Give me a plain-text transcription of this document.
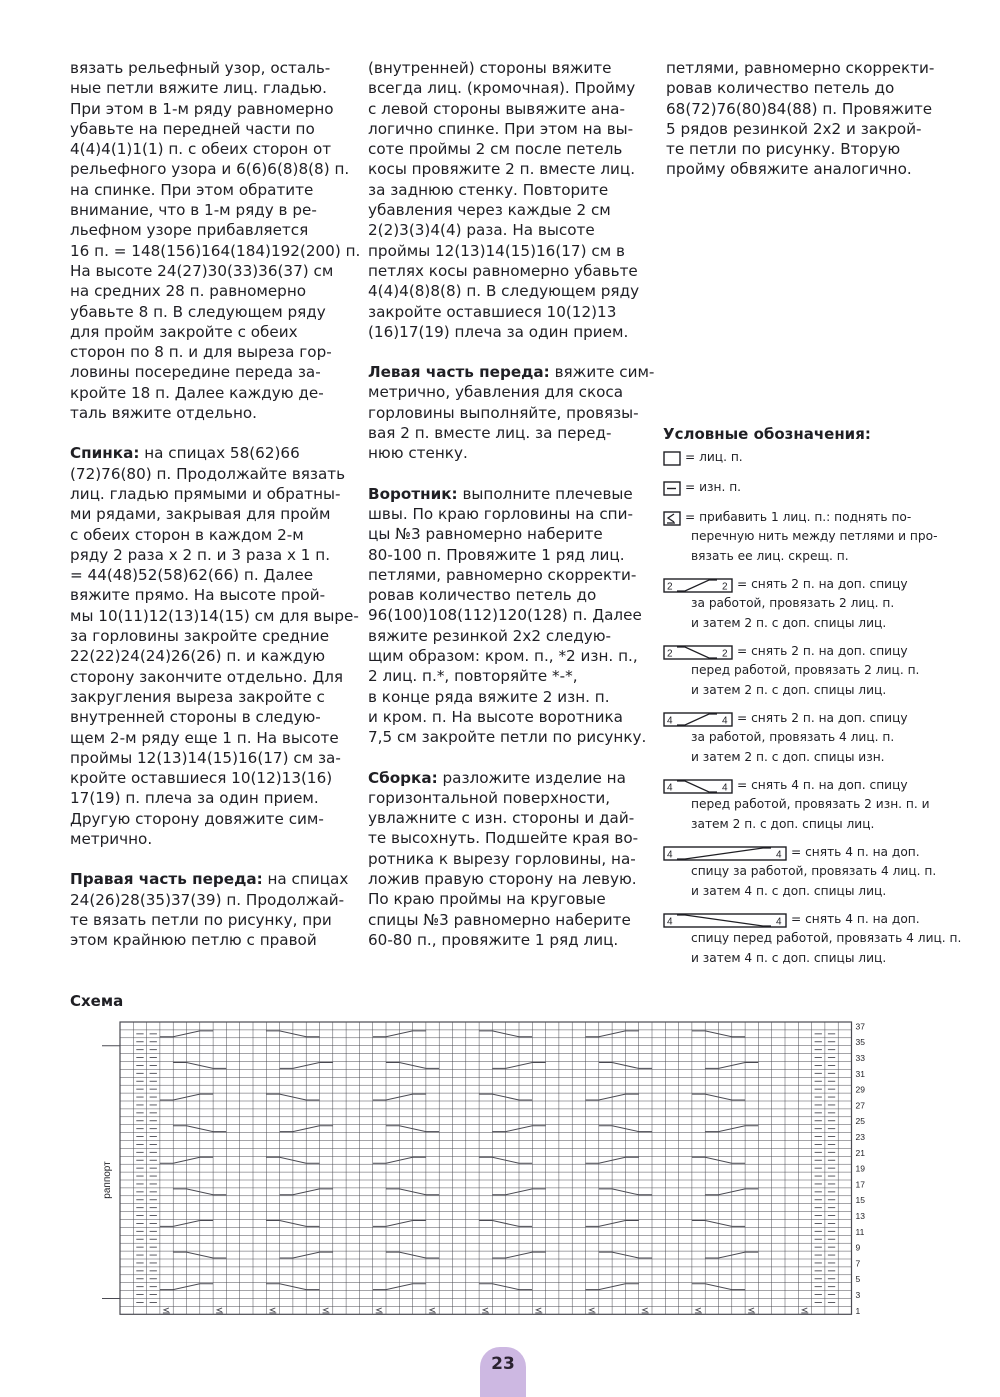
вязать рельефный узор, осталь-
ные петли вяжите лиц. гладью.
При этом в 1-м ряду равномерно
убавьте на передней части по
4(4)4(1)1(1) п. с обеих сторон от
рельефного узора и 6(6)6(8)8(8) п.
на спинке. При этом обратите
внимание, что в 1-м ряду в ре-
льефном узоре прибавляется
16 п. = 148(156)164(184)192(200) п.
На высоте 24(27)30(33)36(37) см
на средних 28 п. равномерно
убавьте 8 п. В следующем ряду
для пройм закройте с обеих
сторон по 8 п. и для выреза гор-
ловины посередине переда за-
кройте 18 п. Далее каждую де-
таль вяжите отдельно.
Спинка: на спицах 58(62)66
(72)76(80) п. Продолжайте вязать
лиц. гладью прямыми и обратны-
ми рядами, закрывая для пройм
с обеих сторон в каждом 2-м
ряду 2 раза х 2 п. и 3 раза х 1 п.
= 44(48)52(58)62(66) п. Далее
вяжите прямо. На высоте прой-
мы 10(11)12(13)14(15) см для выре-
за горловины закройте средние
22(22)24(24)26(26) п. и каждую
сторону закончите отдельно. Для
закругления выреза закройте с
внутренней стороны в следую-
щем 2-м ряду еще 1 п. На высоте
проймы 12(13)14(15)16(17) см за-
кройте оставшиеся 10(12)13(16)
17(19) п. плеча за один прием.
Другую сторону довяжите сим-
метрично.
Правая часть переда: на спицах
24(26)28(35)37(39) п. Продолжай-
те вязать петли по рисунку, при
этом крайнюю петлю с правой
(внутренней) стороны вяжите
всегда лиц. (кромочная). Пройму
с левой стороны вывяжите ана-
логично спинке. При этом на вы-
соте проймы 2 см после петель
косы провяжите 2 п. вместе лиц.
за заднюю стенку. Повторите
убавления через каждые 2 см
2(2)3(3)4(4) раза. На высоте
проймы 12(13)14(15)16(17) см в
петлях косы равномерно убавьте
4(4)4(8)8(8) п. В следующем ряду
закройте оставшиеся 10(12)13
(16)17(19) плеча за один прием.
Левая часть переда: вяжите сим-
метрично, убавления для скоса
горловины выполняйте, провязы-
вая 2 п. вместе лиц. за перед-
нюю стенку.
Воротник: выполните плечевые
швы. По краю горловины на спи-
цы №3 равномерно наберите
80-100 п. Провяжите 1 ряд лиц.
петлями, равномерно скорректи-
ровав количество петель до
96(100)108(112)120(128) п. Далее
вяжите резинкой 2х2 следую-
щим образом: кром. п., *2 изн. п.,
2 лиц. п.*, повторяйте *-*,
в конце ряда вяжите 2 изн. п.
и кром. п. На высоте воротника
7,5 см закройте петли по рисунку.
Сборка: разложите изделие на
горизонтальной поверхности,
увлажните с изн. стороны и дай-
те высохнуть. Подшейте края во-
ротника к вырезу горловины, на-
ложив правую сторону на левую.
По краю проймы на круговые
спицы №3 равномерно наберите
60-80 п., провяжите 1 ряд лиц.
петлями, равномерно скорректи-
ровав количество петель до
68(72)76(80)84(88) п. Провяжите
5 рядов резинкой 2х2 и закрой-
те петли по рисунку. Вторую
пройму обвяжите аналогично.
Условные обозначения:
= лиц. п.
= изн. п.
= прибавить 1 лиц. п.: поднять по-
перечную нить между петлями и про-
вязать ее лиц. скрещ. п.
2	2 = снять 2 п. на доп. спицу
за работой, провязать 2 лиц. п.
и затем 2 п. с доп. спицы лиц.
2	2 = снять 2 п. на доп. спицу
перед работой, провязать 2 лиц. п.
и затем 2 п. с доп. спицы лиц.
4	4 = снять 2 п. на доп. спицу
за работой, провязать 4 лиц. п.
и затем 2 п. с доп. спицы изн.
4	4 = снять 4 п. на доп. спицу
перед работой, провязать 2 изн. п. и
затем 2 п. с доп. спицы лиц.
4	4 = снять 4 п. на доп.
спицу за работой, провязать 4 лиц. п.
и затем 4 п. с доп. спицы лиц.
4	4 = снять 4 п. на доп.
спицу перед работой, провязать 4 лиц. п.
и затем 4 п. с доп. спицы лиц.
Схема
раппорт
1
3
5
7
9
11
13
15
17
19
21
23
25
27
29
31
33
35
37
23
